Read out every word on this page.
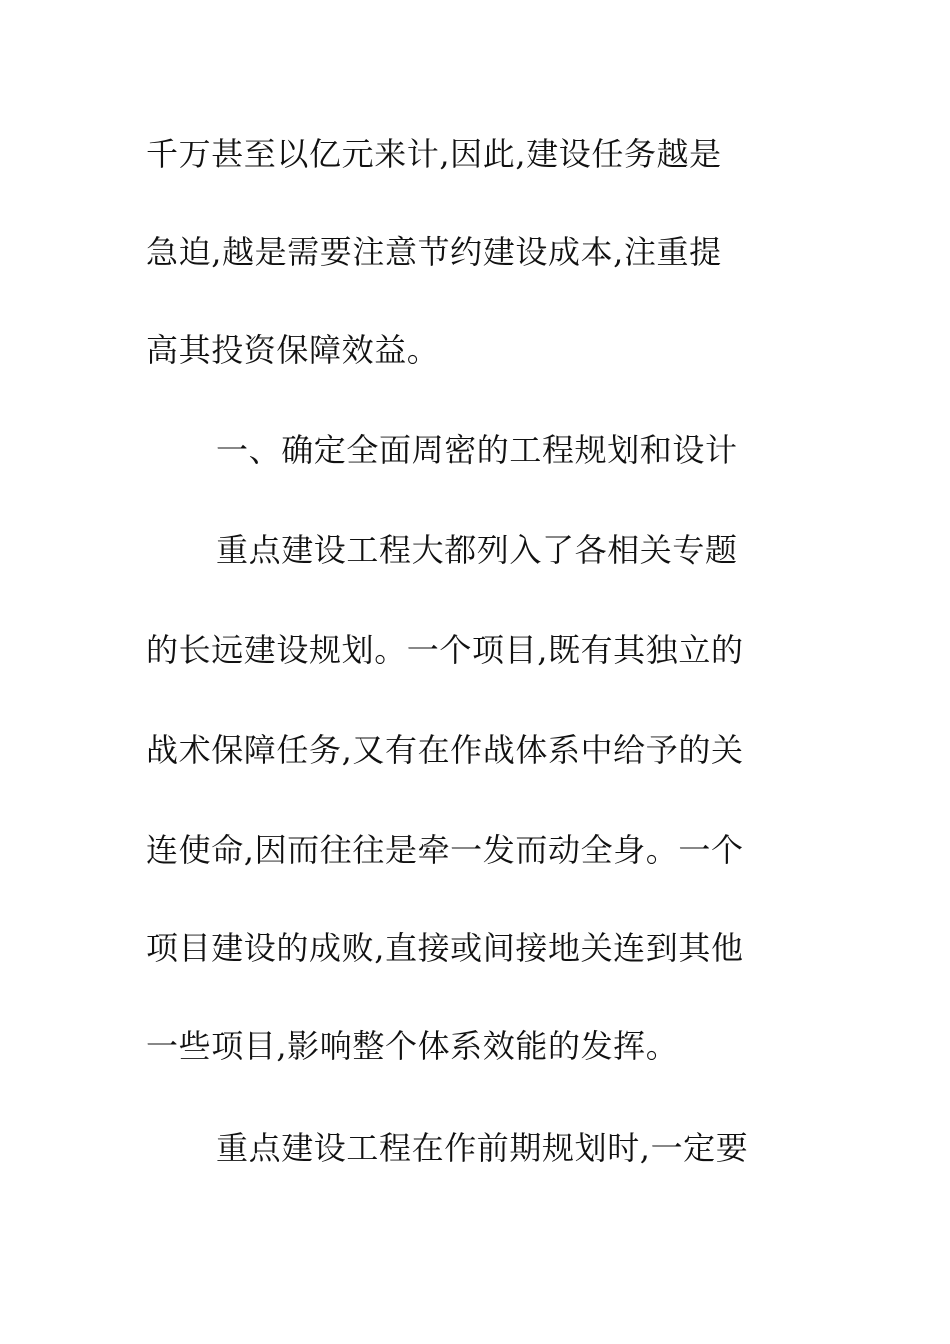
千万甚至以亿元来计,因此,建设任务越是
急迫,越是需要注意节约建设成本,注重提
高其投资保障效益。
一、确定全面周密的工程规划和设计
重点建设工程大都列入了各相关专题
的长远建设规划。一个项目,既有其独立的
战术保障任务,又有在作战体系中给予的关
连使命,因而往往是牵一发而动全身。一个
项目建设的成败,直接或间接地关连到其他
一些项目,影响整个体系效能的发挥。
重点建设工程在作前期规划时,一定要
